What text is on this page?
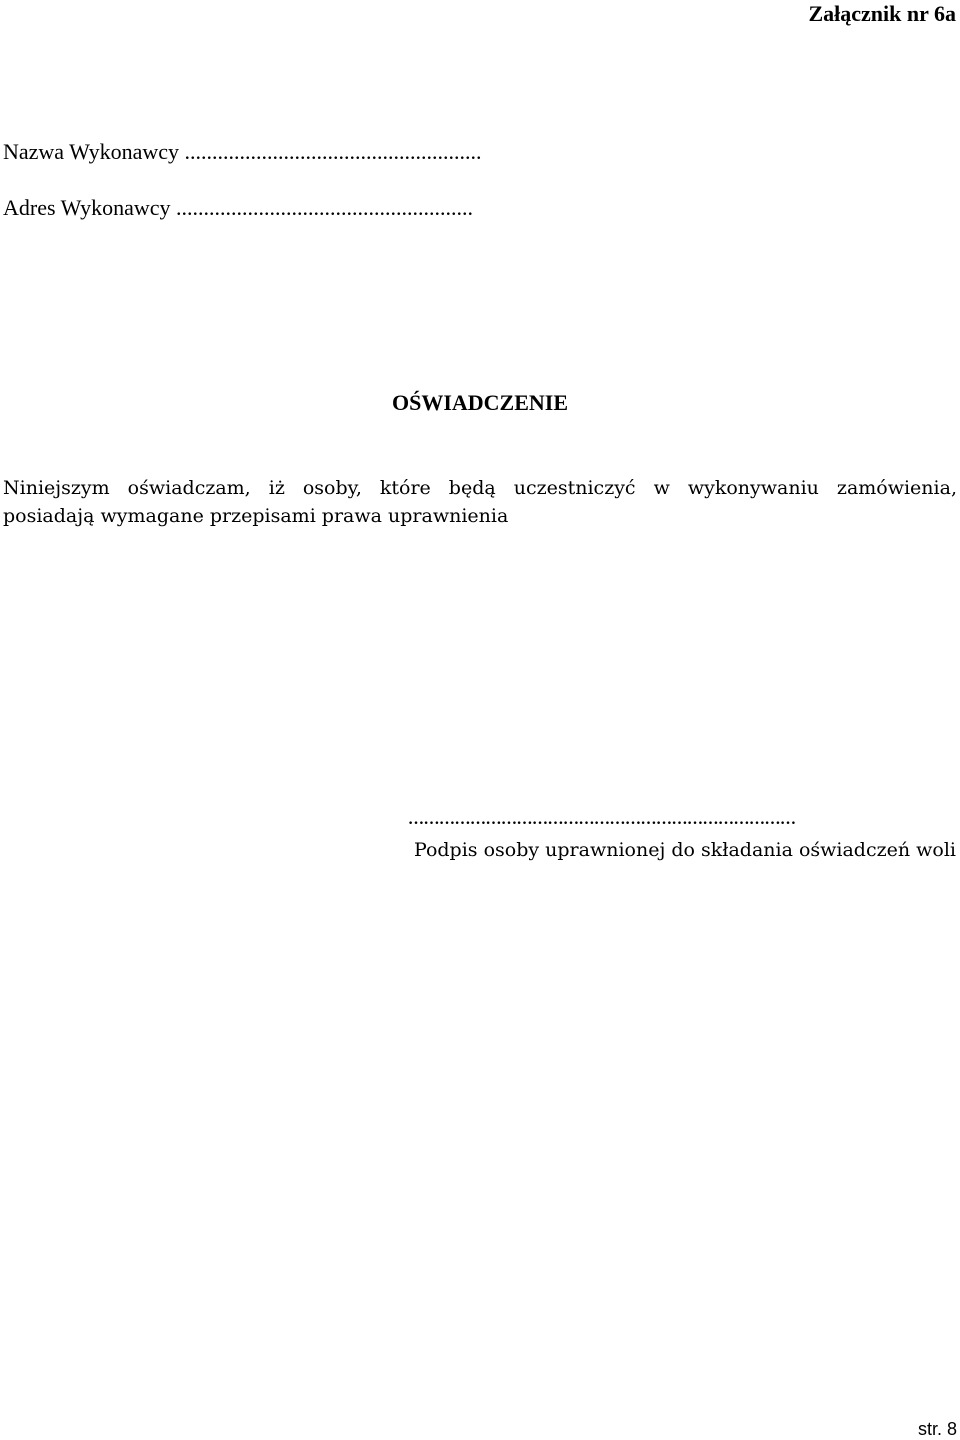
Załącznik nr 6a
Nazwa Wykonawcy ......................................................
Adres Wykonawcy ......................................................
OŚWIADCZENIE
Niniejszym oświadczam, iż osoby, które będą uczestniczyć w wykonywaniu zamówienia,
posiadają wymagane przepisami prawa uprawnienia
…………………………………………………………………
Podpis osoby uprawnionej do składania oświadczeń woli
str. 8
